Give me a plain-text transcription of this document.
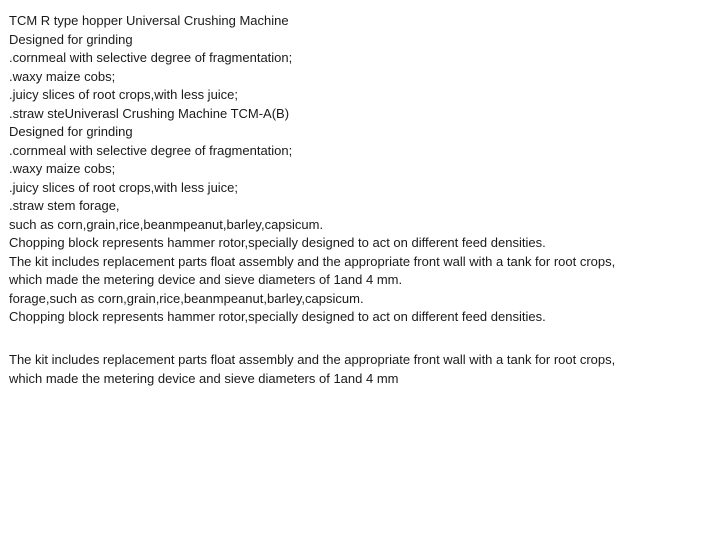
TCM R type hopper Universal Crushing Machine
Designed for grinding
.cornmeal with selective degree of fragmentation;
.waxy maize cobs;
.juicy slices of root crops,with less juice;
.straw steUniverasl Crushing Machine TCM-A(B)
Designed for grinding
.cornmeal with selective degree of fragmentation;
.waxy maize cobs;
.juicy slices of root crops,with less juice;
.straw stem forage,
such as corn,grain,rice,beanmpeanut,barley,capsicum.
Chopping block represents hammer rotor,specially designed to act on different feed densities.
The kit includes replacement parts float assembly and the appropriate front wall with a tank for root crops,
which made the metering device and sieve diameters of 1and 4 mm.
forage,such as corn,grain,rice,beanmpeanut,barley,capsicum.
Chopping block represents hammer rotor,specially designed to act on different feed densities.
The kit includes replacement parts float assembly and the appropriate front wall with a tank for root crops,
which made the metering device and sieve diameters of 1and 4 mm
